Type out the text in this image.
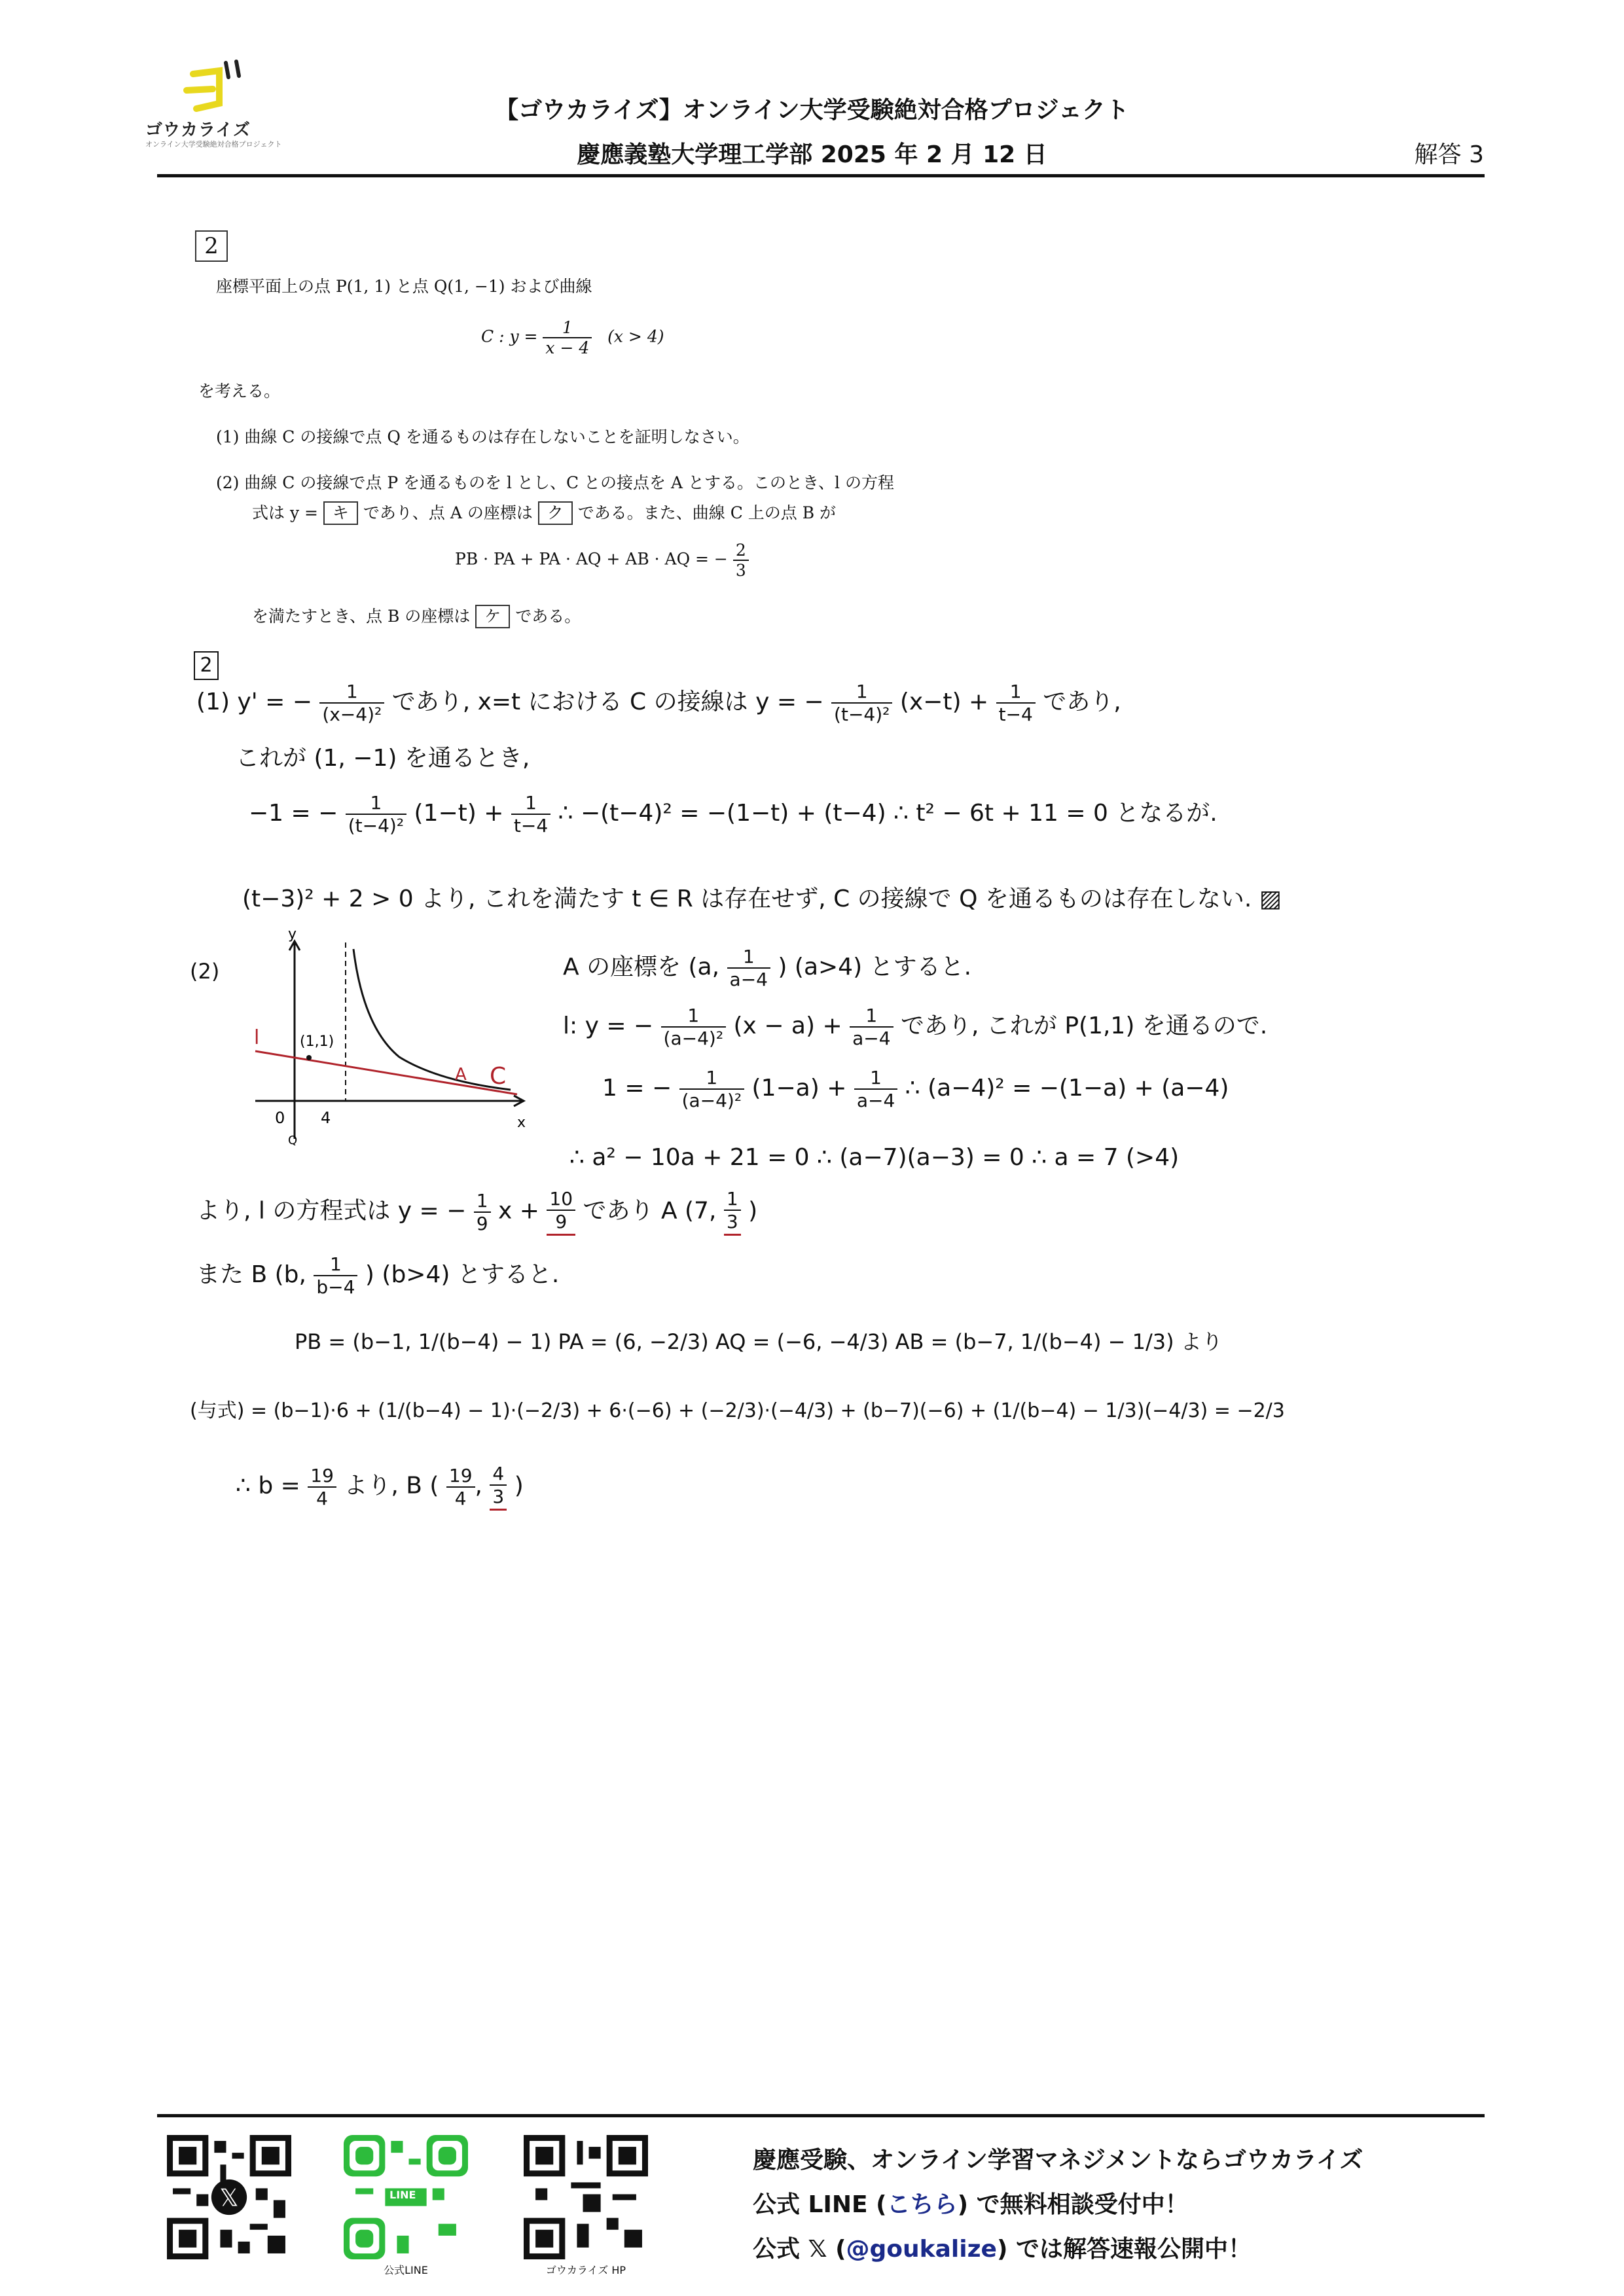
ゴウカライズ
オンライン大学受験絶対合格プロジェクト
【ゴウカライズ】オンライン大学受験絶対合格プロジェクト
慶應義塾大学理工学部 2025 年 2 月 12 日	解答 3
2
座標平面上の点 P(1, 1) と点 Q(1, −1) および曲線
C : $y = \frac{1}{x - 4} (x > 4)$
を考える。
(1) 曲線 C の接線で点 Q を通るものは存在しないことを証明しなさい。
(2) 曲線 C の接線で点 P を通るものを l とし、C との接点を A とする。このとき、l の方程
式は y = キ であり、点 A の座標は ク である。また、曲線 C 上の点 B が
PB · PA + PA · AQ + AB · AQ = − $\frac{2}{3}$
を満たすとき、点 B の座標は ケ である。
2
(1) y' = − $\frac{1}{\text{(x−4)²}}$ であり, x=t における C の接線は y = − $\frac{1}{\text{(t−4)²}} (x-t) + \frac{1}{t-4}$ であり,
これが (1, −1) を通るとき,
−1 = − $\frac{1}{\text{(t−4)²}} (1-t) + \frac{1}{t-4}$ ∴ −(t−4)² = −(1−t) + (t−4) ∴ t² − 6t + 11 = 0 となるが.
(t−3)² + 2 > 0 より, これを満たす t ∈ R は存在せず, C の接線で Q を通るものは存在しない. ▨
(2)
(1,1)
y
x
0 4
Q
l
A C
A の座標を (a, $\frac{1}{a-4}$ ) (a>4) とすると.
l: y = − $\frac{1}{\text{(a−4)²}} (x - a) + \frac{1}{a-4}$ であり, これが P(1,1) を通るので.
1 = − $\frac{1}{\text{(a−4)²}} (1-a) + \frac{1}{a-4}$ ∴ (a−4)² = −(1−a) + (a−4)
∴ a² − 10a + 21 = 0 ∴ (a−7)(a−3) = 0 ∴ a = 7 (>4)
より, l の方程式は y = − $\frac{1}{9}$ $x + \frac{10}{9}$ であり A (7, $\frac{1}{3}$ )
また B (b, $\frac{1}{b-4}$ ) (b>4) とすると.
PB = (b−1, 1/(b−4) − 1) PA = (6, −2/3) AQ = (−6, −4/3) AB = (b−7, 1/(b−4) − 1/3) より
(与式) = (b−1)·6 + (1/(b−4) − 1)·(−2/3) + 6·(−6) + (−2/3)·(−4/3) + (b−7)(−6) + (1/(b−4) − 1/3)(−4/3) = −2/3
∴ $b = \frac{19}{4}$ より, B ( $\frac{19}{4}$ , $\frac{4}{3}$ )
𝕏	LINE
公式LINE	ゴウカライズ HP
慶應受験、オンライン学習マネジメントならゴウカライズ
公式 LINE (こちら) で無料相談受付中！
公式 𝕏 (@goukalize) では解答速報公開中！
